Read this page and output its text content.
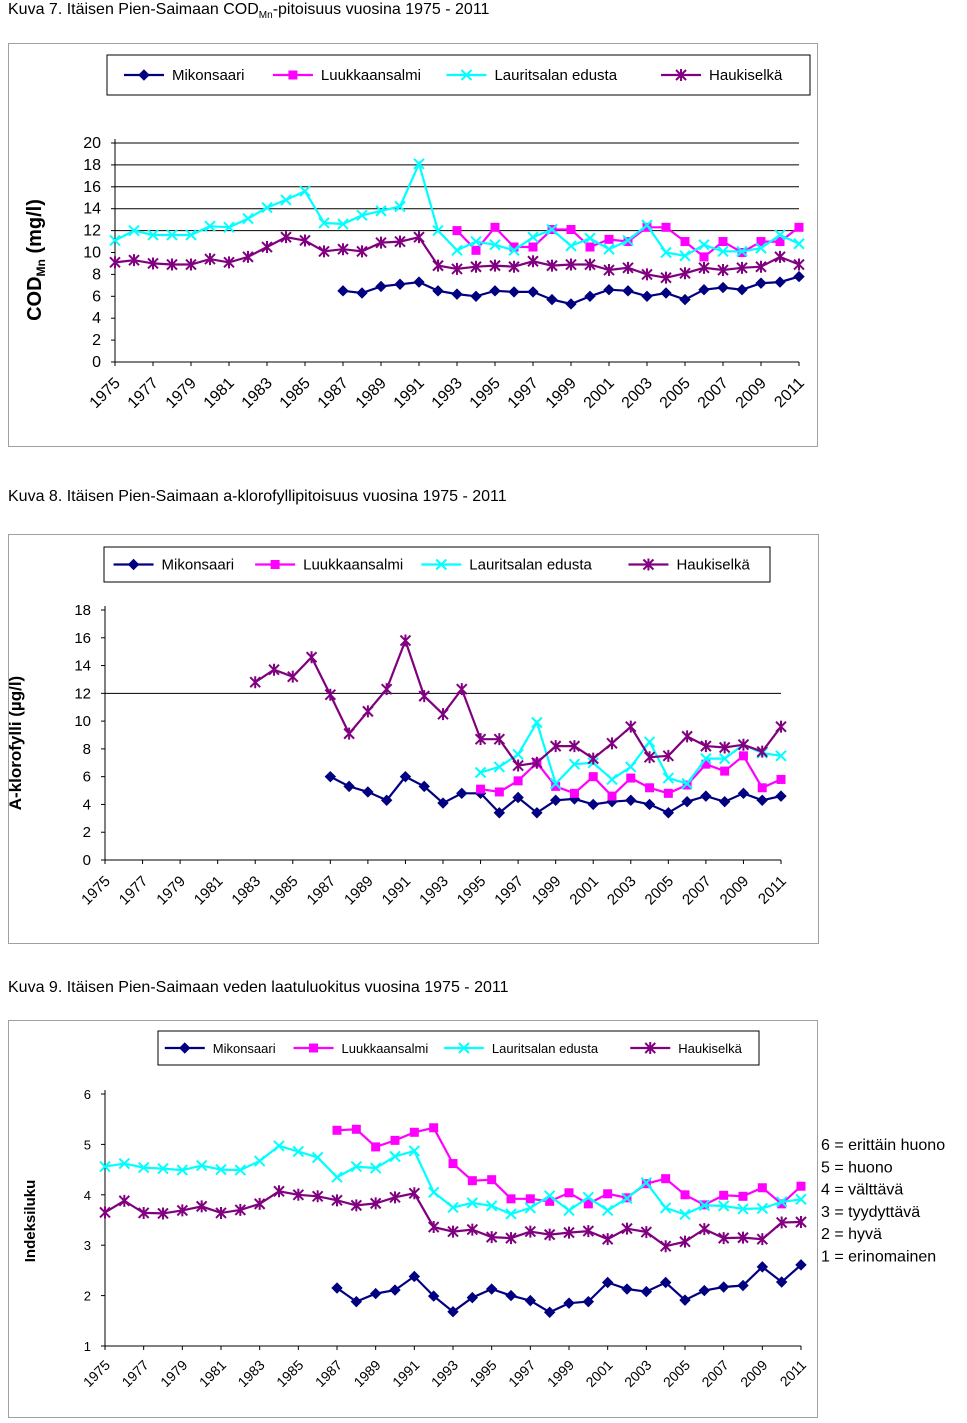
Kuva 7. Itäisen Pien-Saimaan $COD_{Mn}$-pitoisuus vuosina 1975 - 2011
Kuva 8. Itäisen Pien-Saimaan a-klorofyllipitoisuus vuosina 1975 - 2011
Kuva 9. Itäisen Pien-Saimaan veden laatuluokitus vuosina 1975 - 2011
0
2
4
6
8
10
12
14
16
18
20
1975 1977 1979 1981 1983 1985 1987 1989 1991 1993 1995 1997 1999 2001 2003 2005 2007 2009 2011
$COD_{Mn}$ (mg/l)
Mikonsaari	Luukkaansalmi	Lauritsalan edusta	Haukiselkä
0
2
4
6
8
10
12
14
16
18
1975 1977 1979 1981 1983 1985 1987 1989 1991 1993 1995 1997 1999 2001 2003 2005 2007 2009 2011
A-klorofylli (µg/l)
Mikonsaari	Luukkaansalmi	Lauritsalan edusta	Haukiselkä
1
2
3
4
5
6
1975 1977 1979 1981 1983 1985 1987 1989 1991 1993 1995 1997 1999 2001 2003 2005 2007 2009 2011
Indeksiluku
Mikonsaari	Luukkaansalmi	Lauritsalan edusta	Haukiselkä
6 = erittäin huono
5 = huono
4 = välttävä
3 = tyydyttävä
2 = hyvä
1 = erinomainen
